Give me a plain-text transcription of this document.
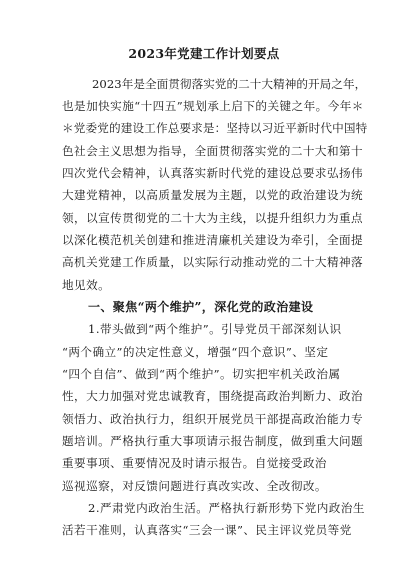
2023年党建工作计划要点
2023年是全面贯彻落实党的二十大精神的开局之年，
也是加快实施“十四五”规划承上启下的关键之年。今年＊
＊党委党的建设工作总要求是：坚持以习近平新时代中国特
色社会主义思想为指导，全面贯彻落实党的二十大和第十
四次党代会精神，认真落实新时代党的建设总要求弘扬伟
大建党精神，以高质量发展为主题，以党的政治建设为统
领，以宣传贯彻党的二十大为主线，以提升组织力为重点
以深化模范机关创建和推进清廉机关建设为牵引，全面提
高机关党建工作质量，以实际行动推动党的二十大精神落
地见效。
一、聚焦“两个维护”，深化党的政治建设
1.带头做到“两个维护”。引导党员干部深刻认识
“两个确立”的决定性意义，增强“四个意识”、坚定
“四个自信”、做到“两个维护”。切实把牢机关政治属
性，大力加强对党忠诚教育，围绕提高政治判断力、政治
领悟力、政治执行力，组织开展党员干部提高政治能力专
题培训。严格执行重大事项请示报告制度，做到重大问题
重要事项、重要情况及时请示报告。自觉接受政治
巡视巡察，对反馈问题进行真改实改、全改彻改。
2.严肃党内政治生活。严格执行新形势下党内政治生
活若干准则，认真落实“三会一课”、民主评议党员等党
